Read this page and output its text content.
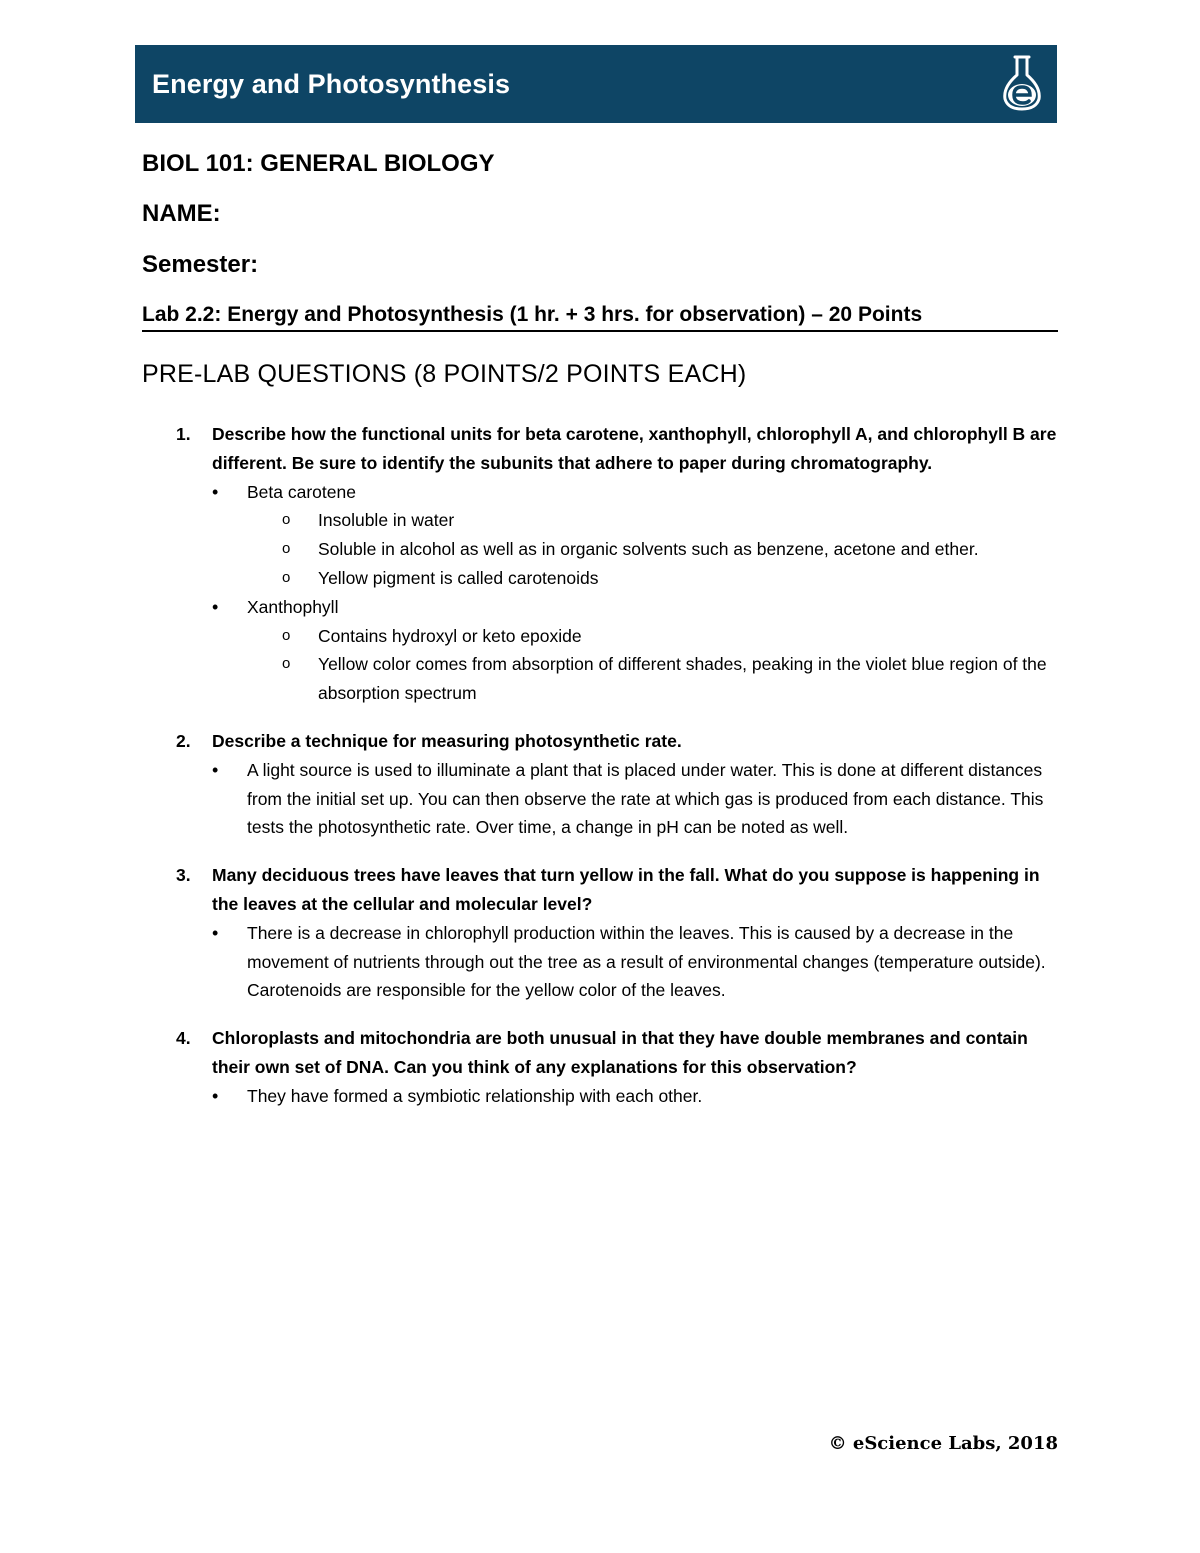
Energy and Photosynthesis
BIOL 101: GENERAL BIOLOGY
NAME:
Semester:
Lab 2.2: Energy and Photosynthesis (1 hr. + 3 hrs. for observation) – 20 Points
PRE-LAB QUESTIONS (8 POINTS/2 POINTS EACH)
1. Describe how the functional units for beta carotene, xanthophyll, chlorophyll A, and chlorophyll B are different. Be sure to identify the subunits that adhere to paper during chromatography.
• Beta carotene
o Insoluble in water
o Soluble in alcohol as well as in organic solvents such as benzene, acetone and ether.
o Yellow pigment is called carotenoids
• Xanthophyll
o Contains hydroxyl or keto epoxide
o Yellow color comes from absorption of different shades, peaking in the violet blue region of the absorption spectrum
2. Describe a technique for measuring photosynthetic rate.
• A light source is used to illuminate a plant that is placed under water. This is done at different distances from the initial set up. You can then observe the rate at which gas is produced from each distance. This tests the photosynthetic rate. Over time, a change in pH can be noted as well.
3. Many deciduous trees have leaves that turn yellow in the fall. What do you suppose is happening in the leaves at the cellular and molecular level?
• There is a decrease in chlorophyll production within the leaves. This is caused by a decrease in the movement of nutrients through out the tree as a result of environmental changes (temperature outside). Carotenoids are responsible for the yellow color of the leaves.
4. Chloroplasts and mitochondria are both unusual in that they have double membranes and contain their own set of DNA. Can you think of any explanations for this observation?
• They have formed a symbiotic relationship with each other.
© eScience Labs, 2018
